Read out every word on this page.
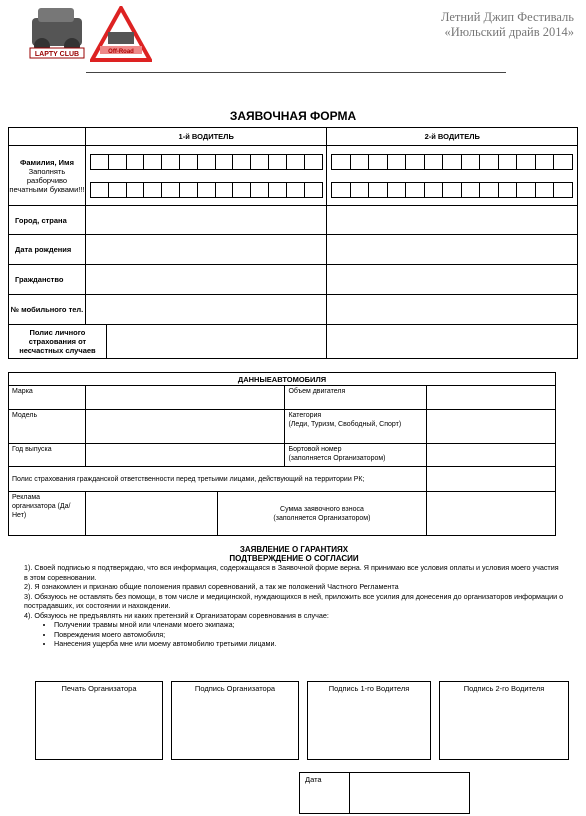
LAPTY CLUB	Off-Road
Летний Джип Фестиваль
«Июльский драйв 2014»
ЗАЯВОЧНАЯ ФОРМА
	1-й ВОДИТЕЛЬ		2-й ВОДИТЕЛЬ

Фамилия, Имя
Заполнять разборчиво печатными буквами!!!			

Город, страна			
Дата рождения			
Гражданство			
№ мобильного тел.			
Полис личного страхования от несчастных случаев			
ДАННЫЕАВТОМОБИЛЯ				
Марка			Объем двигателя	
Модель			Категория
(Леди, Туризм, Свободный, Спорт)	

Год выпуска			Бортовой номер
(заполняется Организатором)	

Полис страхования гражданской ответственности перед третьими лицами, действующий на территории РК;				
Реклама организатора (Да/Нет)		Сумма заявочного взноса
(заполняется Организатором)		

ЗАЯВЛЕНИЕ О ГАРАНТИЯХ
ПОДТВЕРЖДЕНИЕ О СОГЛАСИИ

1). Своей подписью я подтверждаю, что вся информация, содержащаяся в Заявочной форме верна. Я принимаю все условия оплаты и условия моего участия в этом соревновании.

2). Я ознакомлен и признаю общие положения правил соревнований, а так же положений Частного Регламента

3). Обязуюсь не оставлять без помощи, в том числе и медицинской, нуждающихся в ней, приложить все усилия для донесения до организаторов информации о пострадавших, их состоянии и нахождении.

4). Обязуюсь не предъявлять ни каких претензий к Организаторам соревнования в случае:

• Получении травмы мной или членами моего экипажа;
• Повреждения моего автомобиля;
• Нанесения ущерба мне или моему автомобилю третьими лицами.
Печать Организатора	Подпись Организатора	Подпись 1-го Водителя	Подпись 2-го Водителя
Дата
